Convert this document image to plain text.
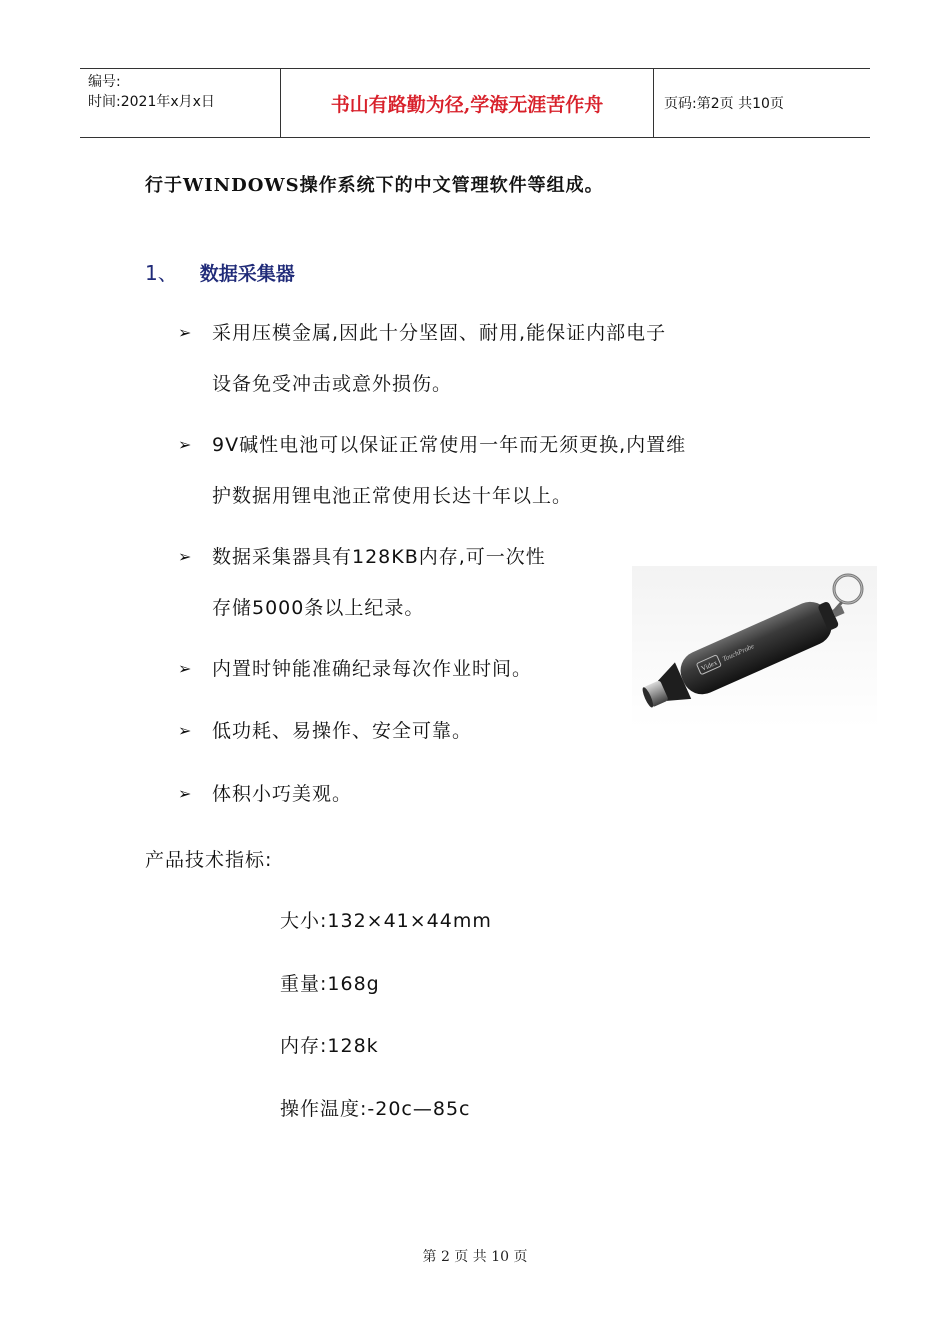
编号:
时间:2021年x月x日	书山有路勤为径,学海无涯苦作舟	页码:第2页 共10页
行于WINDOWS操作系统下的中文管理软件等组成。
1、 数据采集器
➢ 采用压模金属,因此十分坚固、耐用,能保证内部电子
设备免受冲击或意外损伤。
➢ 9V碱性电池可以保证正常使用一年而无须更换,内置维
护数据用锂电池正常使用长达十年以上。
➢ 数据采集器具有128KB内存,可一次性
存储5000条以上纪录。
➢ 内置时钟能准确纪录每次作业时间。
➢ 低功耗、易操作、安全可靠。
➢ 体积小巧美观。
Videx
TouchProbe
产品技术指标:
大小:132×41×44mm
重量:168g
内存:128k
操作温度:-20c—85c
第 2 页 共 10 页
